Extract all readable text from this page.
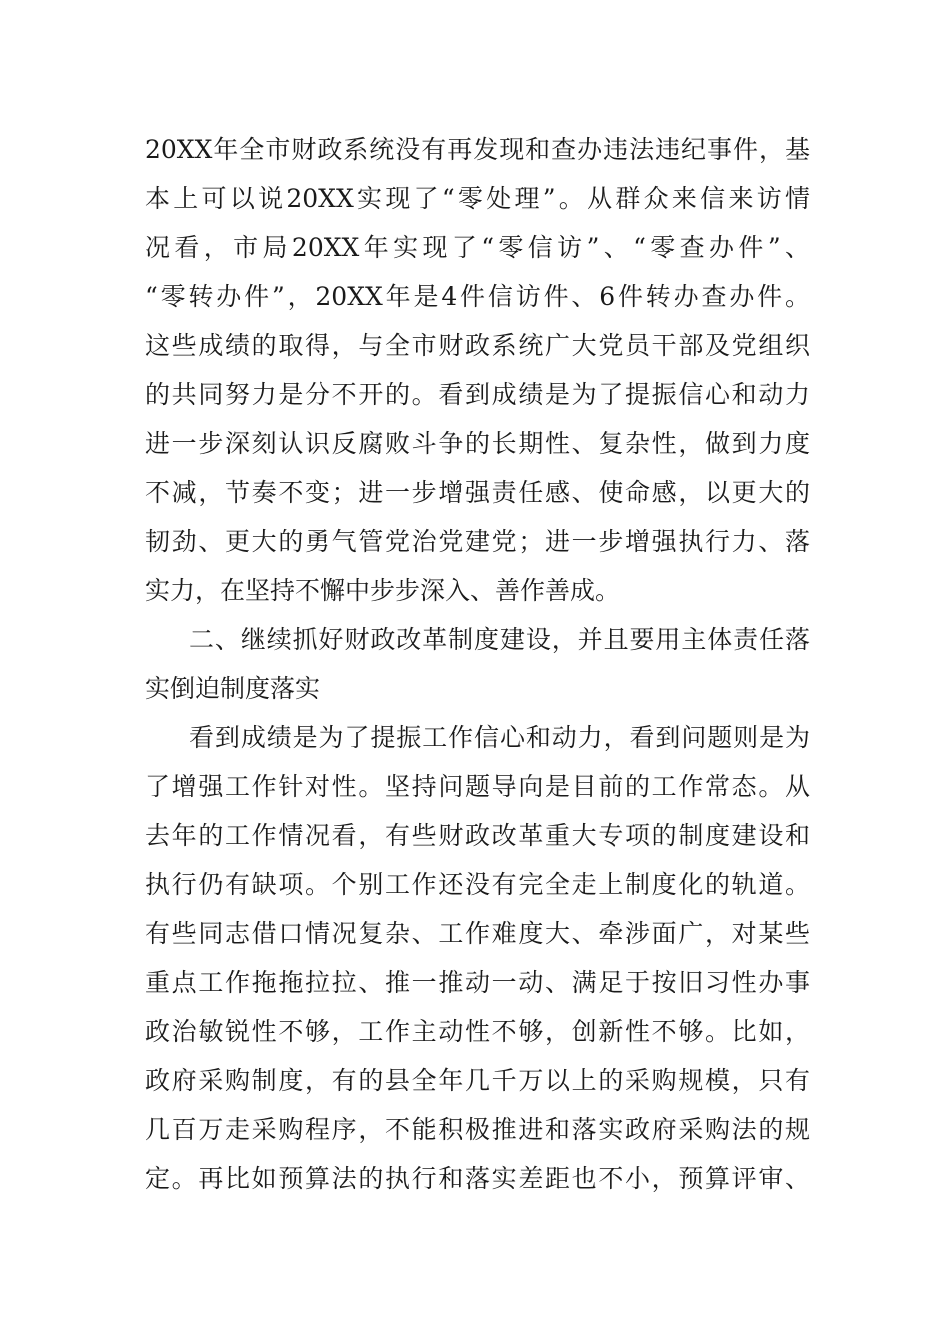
20XX年全市财政系统没有再发现和查办违法违纪事件，基
本上可以说20XX实现了“零处理”。从群众来信来访情
况看，市局20XX年实现了“零信访”、“零查办件”、
“零转办件”，20XX年是4件信访件、6件转办查办件。
这些成绩的取得，与全市财政系统广大党员干部及党组织
的共同努力是分不开的。看到成绩是为了提振信心和动力
进一步深刻认识反腐败斗争的长期性、复杂性，做到力度
不减，节奏不变；进一步增强责任感、使命感，以更大的
韧劲、更大的勇气管党治党建党；进一步增强执行力、落
实力，在坚持不懈中步步深入、善作善成。
二、继续抓好财政改革制度建设，并且要用主体责任落
实倒迫制度落实
看到成绩是为了提振工作信心和动力，看到问题则是为
了增强工作针对性。坚持问题导向是目前的工作常态。从
去年的工作情况看，有些财政改革重大专项的制度建设和
执行仍有缺项。个别工作还没有完全走上制度化的轨道。
有些同志借口情况复杂、工作难度大、牵涉面广，对某些
重点工作拖拖拉拉、推一推动一动、满足于按旧习性办事
政治敏锐性不够，工作主动性不够，创新性不够。比如，
政府采购制度，有的县全年几千万以上的采购规模，只有
几百万走采购程序，不能积极推进和落实政府采购法的规
定。再比如预算法的执行和落实差距也不小，预算评审、
